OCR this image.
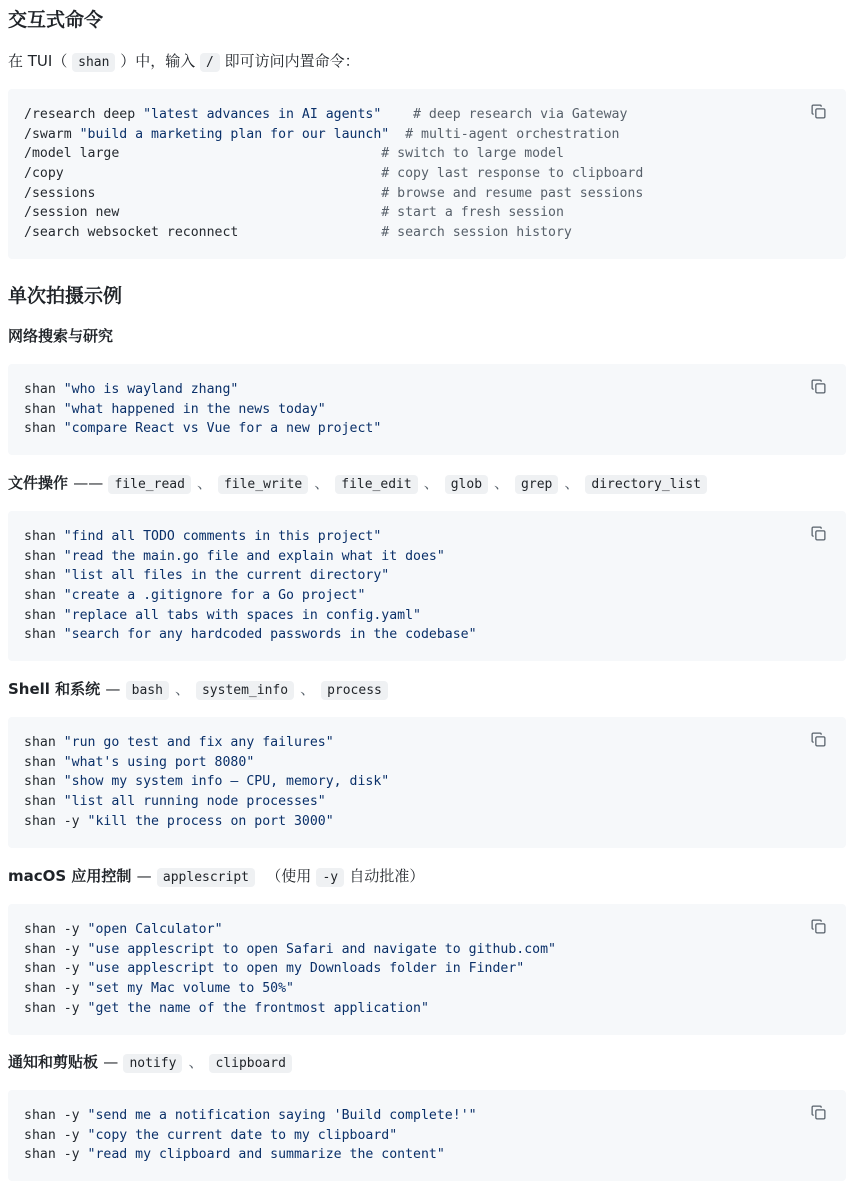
交互式命令

在 TUI（ shan ）中，输入 / 即可访问内置命令：

/research deep "latest advances in AI agents" # deep research via Gateway
/swarm "build a marketing plan for our launch" # multi-agent orchestration
/model large	# switch to large model
/copy	# copy last response to clipboard
/sessions	# browse and resume past sessions
/session new	# start a fresh session
/search websocket reconnect	# search session history
单次拍摄示例
网络搜索与研究
shan "who is wayland zhang"
shan "what happened in the news today"
shan "compare React vs Vue for a new project"
文件操作 —— file_read 、 file_write 、 file_edit 、 glob 、 grep 、 directory_list
shan "find all TODO comments in this project"
shan "read the main.go file and explain what it does"
shan "list all files in the current directory"
shan "create a .gitignore for a Go project"
shan "replace all tabs with spaces in config.yaml"
shan "search for any hardcoded passwords in the codebase"
Shell 和系统 — bash 、 system_info 、 process
shan "run go test and fix any failures"
shan "what's using port 8080"
shan "show my system info — CPU, memory, disk"
shan "list all running node processes"
shan -y "kill the process on port 3000"
macOS 应用控制 — applescript （使用 -y 自动批准）
shan -y "open Calculator"
shan -y "use applescript to open Safari and navigate to github.com"
shan -y "use applescript to open my Downloads folder in Finder"
shan -y "set my Mac volume to 50%"
shan -y "get the name of the frontmost application"
通知和剪贴板 — notify 、 clipboard
shan -y "send me a notification saying 'Build complete!'"
shan -y "copy the current date to my clipboard"
shan -y "read my clipboard and summarize the content"
